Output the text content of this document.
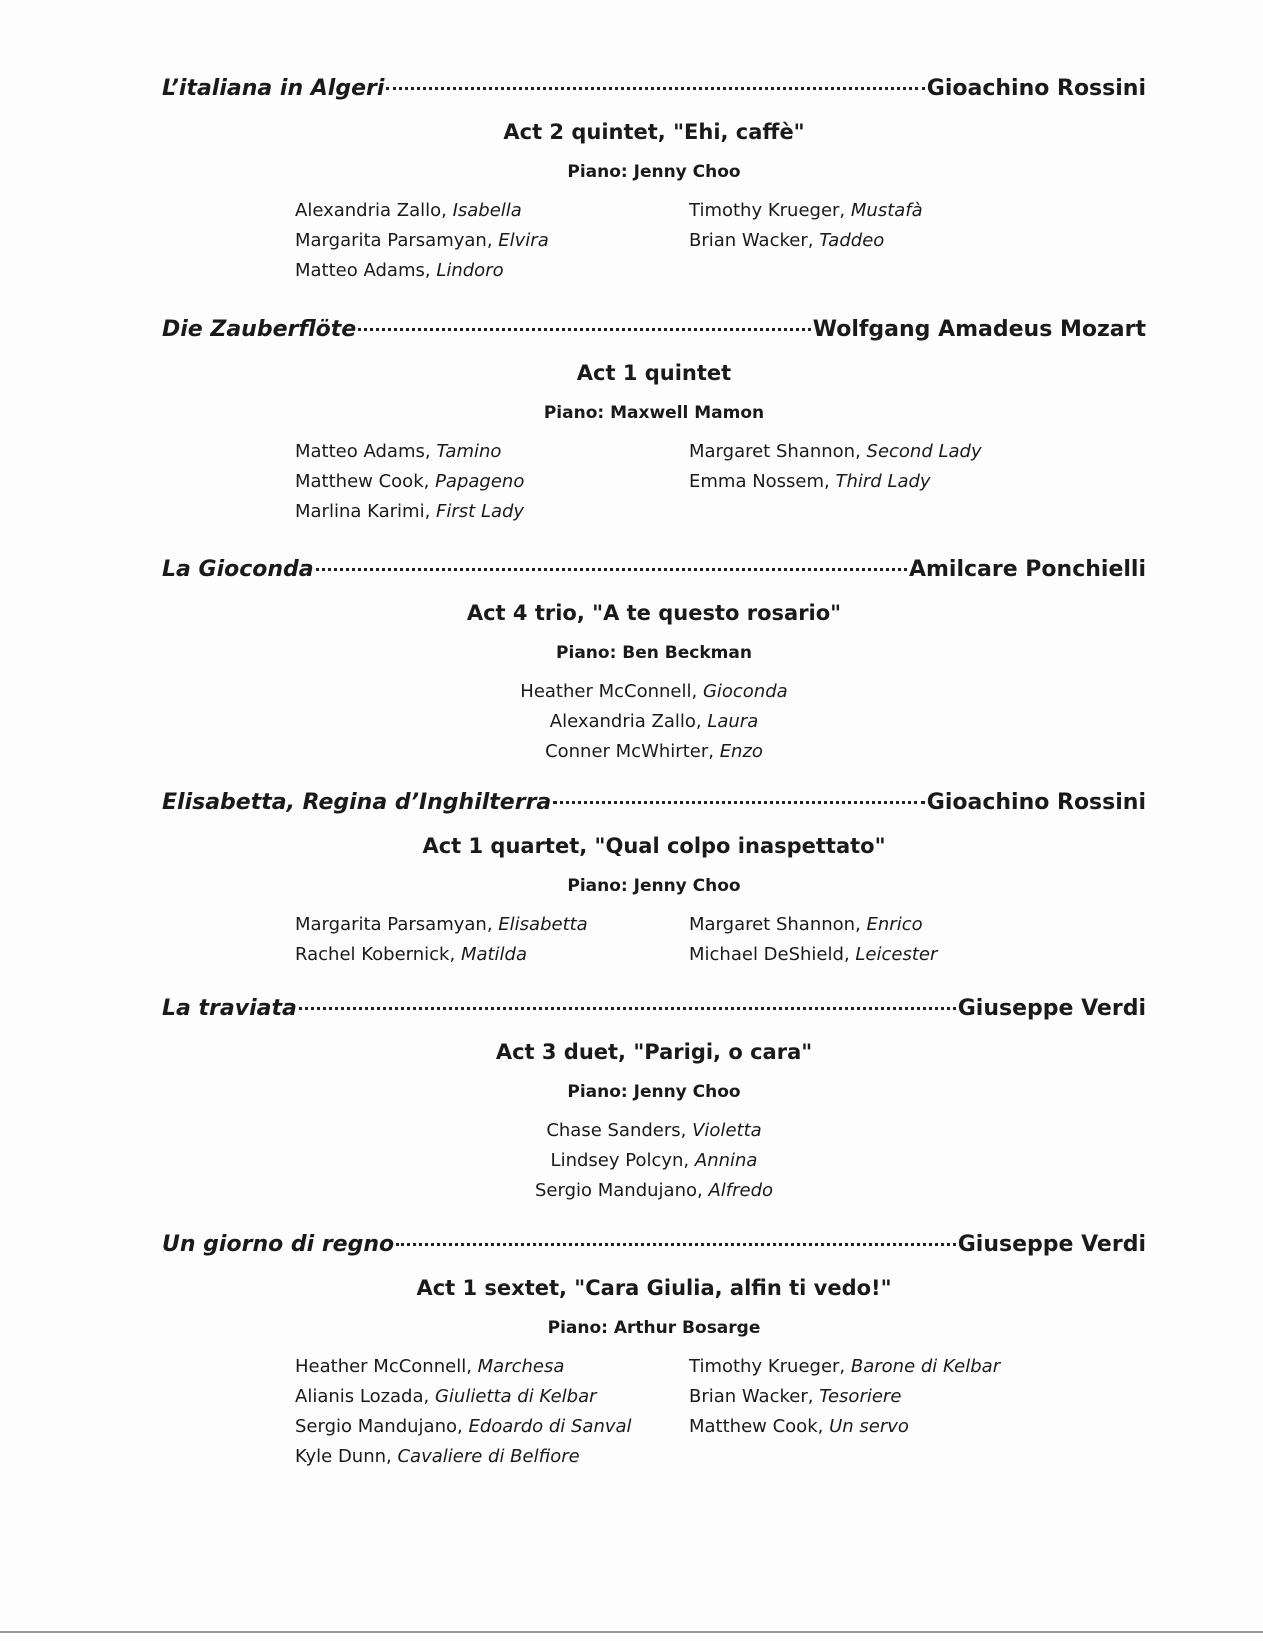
L’italiana in Algeri	Gioachino Rossini
Act 2 quintet, "Ehi, caffè"
Piano: Jenny Choo
Alexandria Zallo, Isabella
Margarita Parsamyan, Elvira
Matteo Adams, Lindoro
Timothy Krueger, Mustafà
Brian Wacker, Taddeo
Die Zauberflöte	Wolfgang Amadeus Mozart
Act 1 quintet
Piano: Maxwell Mamon
Matteo Adams, Tamino
Matthew Cook, Papageno
Marlina Karimi, First Lady
Margaret Shannon, Second Lady
Emma Nossem, Third Lady
La Gioconda	Amilcare Ponchielli
Act 4 trio, "A te questo rosario"
Piano: Ben Beckman
Heather McConnell, Gioconda
Alexandria Zallo, Laura
Conner McWhirter, Enzo
Elisabetta, Regina d’Inghilterra	Gioachino Rossini
Act 1 quartet, "Qual colpo inaspettato"
Piano: Jenny Choo
Margarita Parsamyan, Elisabetta
Rachel Kobernick, Matilda
Margaret Shannon, Enrico
Michael DeShield, Leicester
La traviata	Giuseppe Verdi
Act 3 duet, "Parigi, o cara"
Piano: Jenny Choo
Chase Sanders, Violetta
Lindsey Polcyn, Annina
Sergio Mandujano, Alfredo
Un giorno di regno	Giuseppe Verdi
Act 1 sextet, "Cara Giulia, alfin ti vedo!"
Piano: Arthur Bosarge
Heather McConnell, Marchesa
Alianis Lozada, Giulietta di Kelbar
Sergio Mandujano, Edoardo di Sanval
Kyle Dunn, Cavaliere di Belfiore
Timothy Krueger, Barone di Kelbar
Brian Wacker, Tesoriere
Matthew Cook, Un servo
